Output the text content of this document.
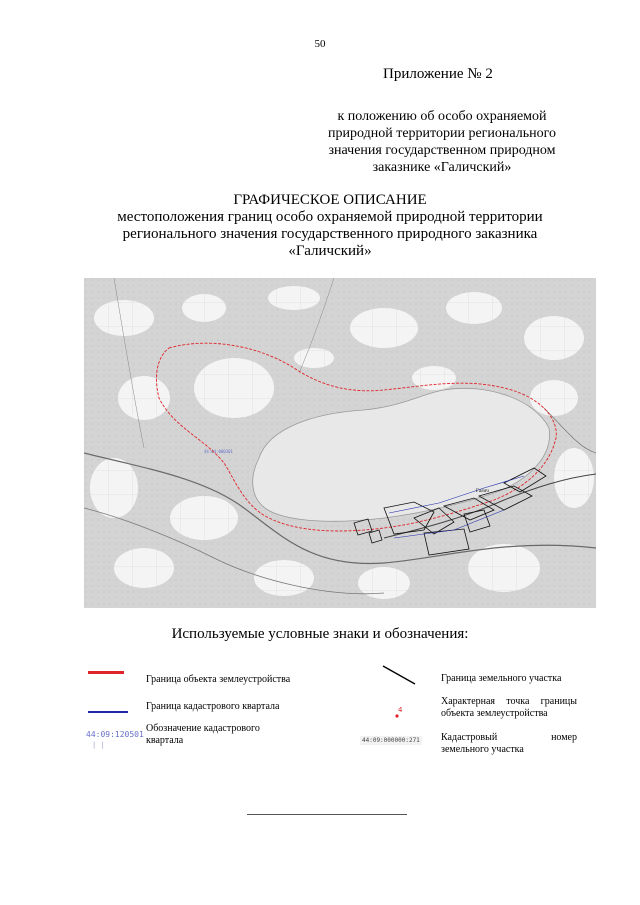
50
Приложение № 2
к положению об особо охраняемой
природной территории регионального
значения государственном природном
заказнике «Галичский»
ГРАФИЧЕСКОЕ ОПИСАНИЕ
местоположения границ особо охраняемой природной территории
регионального значения государственного природного заказника
«Галичский»
44:04:000301
Галич
Используемые условные знаки и обозначения:
Граница объекта землеустройства
Граница кадастрового квартала
44:09:120501
| |
Обозначение кадастрового
квартала
Граница земельного участка
4
Характерная точка границы
объекта землеустройства
44:09:000000:271 Кадастровый	номер
земельного участка
